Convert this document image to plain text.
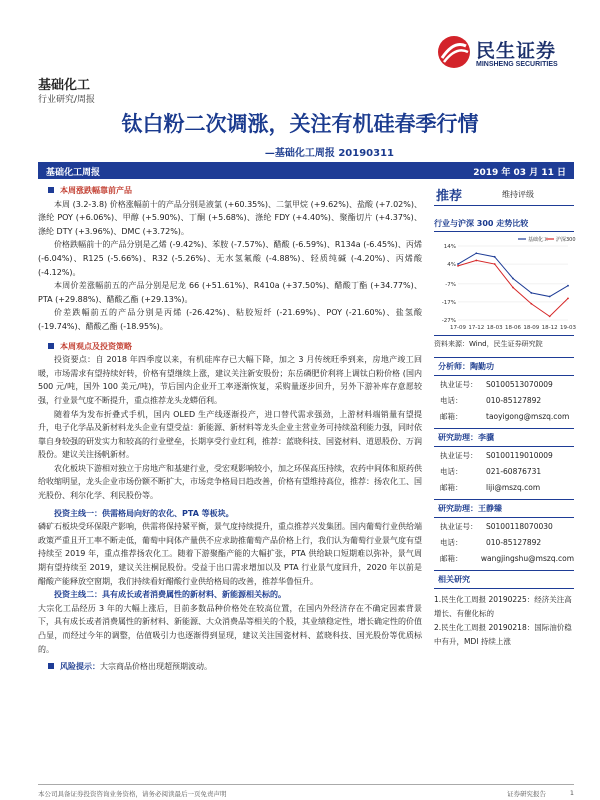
民生证券
MINSHENG SECURITIES
基础化工
行业研究/周报
钛白粉二次调涨，关注有机硅春季行情
—基础化工周报 20190311
基础化工周报	2019 年 03 月 11 日

本周涨跌幅靠前产品

本周 (3.2-3.8) 价格涨幅前十的产品分别是液氯 (+60.35%)、二氯甲烷 (+9.62%)、盐酸 (+7.02%)、涤纶 POY (+6.06%)、甲醇 (+5.90%)、丁酮 (+5.68%)、涤纶 FDY (+4.40%)、聚酯切片 (+4.37%)、涤纶 DTY (+3.96%)、DMC (+3.72%)。

价格跌幅前十的产品分别是乙烯 (-9.42%)、苯胺 (-7.57%)、醋酸 (-6.59%)、R134a (-6.45%)、丙烯 (-6.04%)、R125 (-5.66%)、R32 (-5.26%)、无水氢氟酸 (-4.88%)、轻质纯碱 (-4.20%)、丙烯酸 (-4.12%)。

本周价差涨幅前五的产品分别是尼龙 66 (+51.61%)、R410a (+37.50%)、醋酸丁酯 (+34.77%)、PTA (+29.88%)、醋酸乙酯 (+29.13%)。

价差跌幅前五的产品分别是丙烯 (-26.42%)、粘胶短纤 (-21.69%)、POY (-21.60%)、盐氢酸 (-19.74%)、醋酸乙酯 (-18.95%)。

本周观点及投资策略

投资要点：自 2018 年四季度以来，有机硅库存已大幅下降，加之 3 月传统旺季到来，房地产竣工回暖，市场需求有望持续好转，价格有望继续上涨，建议关注新安股份；东岳磷肥价利将上调钛白粉价格 (国内 500 元/吨，国外 100 美元/吨)，节后国内企业开工率逐渐恢复，采购量逐步回升，另外下游补库存意愿较强，行业景气度不断提升，重点推荐龙头龙蟒佰利。

随着华为发布折叠式手机，国内 OLED 生产线逐渐投产，进口替代需求强劲，上游材料端销量有望提升，电子化学品及新材料龙头企业有望受益：新能源、新材料等龙头企业主营业务可持续盈利能力强，同时依靠自身较强的研发实力和较高的行业壁垒，长期享受行业红利，推荐：蓝晓科技、国瓷材料、道恩股份、万润股份。建议关注扬帆新材。

农化板块下游相对独立于房地产和基建行业，受宏观影响较小，加之环保高压持续，农药中间体和原药供给收缩明显，龙头企业市场份额不断扩大，市场竞争格局日趋改善，价格有望维持高位，推荐：扬农化工、国光股份、利尔化学、利民股份等。

投资主线一：供需格局向好的农化、PTA 等板块。

磷矿石板块受环保限产影响，供需将保持紧平衡，景气度持续提升，重点推荐兴发集团。国内葡萄行业供给端政策严重且开工率不断走低，葡萄中间体产量供不应求助推葡萄产品价格上行，我们认为葡萄行业景气度有望持续至 2019 年，重点推荐扬农化工。随着下游聚酯产能的大幅扩张，PTA 供给缺口短期难以弥补，景气周期有望持续至 2019，建议关注桐昆股份。受益于出口需求增加以及 PTA 行业景气度回升，2020 年以前是醋酸产能释放空窗期，我们持续看好醋酸行业供给格局的改善，推荐华鲁恒升。

投资主线二：具有成长或者消费属性的新材料、新能源相关标的。

大宗化工品经历 3 年的大幅上涨后，目前多数品种价格处在较高位置，在国内外经济存在不确定因素背景下，具有成长或者消费属性的新材料、新能源、大众消费品等相关的个股，其业绩稳定性，增长确定性的价值凸显，而经过今年的调整，估值吸引力也逐渐得到显现，建议关注国瓷材料、蓝晓科技、国光股份等优质标的。

风险提示：大宗商品价格出现超预期波动。

推荐	维持评级
行业与沪深 300 走势比较
14%
4%
-7%
-17%
-27%
17-09 17-12 18-03 18-06 18-09 18-12 19-03
基础化工 沪深300
资料来源：Wind，民生证券研究院
分析师：陶勤功
执业证号：	S0100513070009
电话：	010-85127892
邮箱：	taoyigong@mszq.com
研究助理：李骥
执业证号：	S0100119010009
电话：	021-60876731
邮箱：	liji@mszq.com
研究助理：王静臻
执业证号：	S0100118070030
电话：	010-85127892
邮箱：	wangjingshu@mszq.com
相关研究
1.民生化工周报 20190225：经济关注高增长、有催化标的
2.民生化工周报 20190218：国际油价稳中有升，MDI 持续上涨
本公司具备证券投资咨询业务资格，请务必阅读最后一页免责声明	证券研究报告	1
